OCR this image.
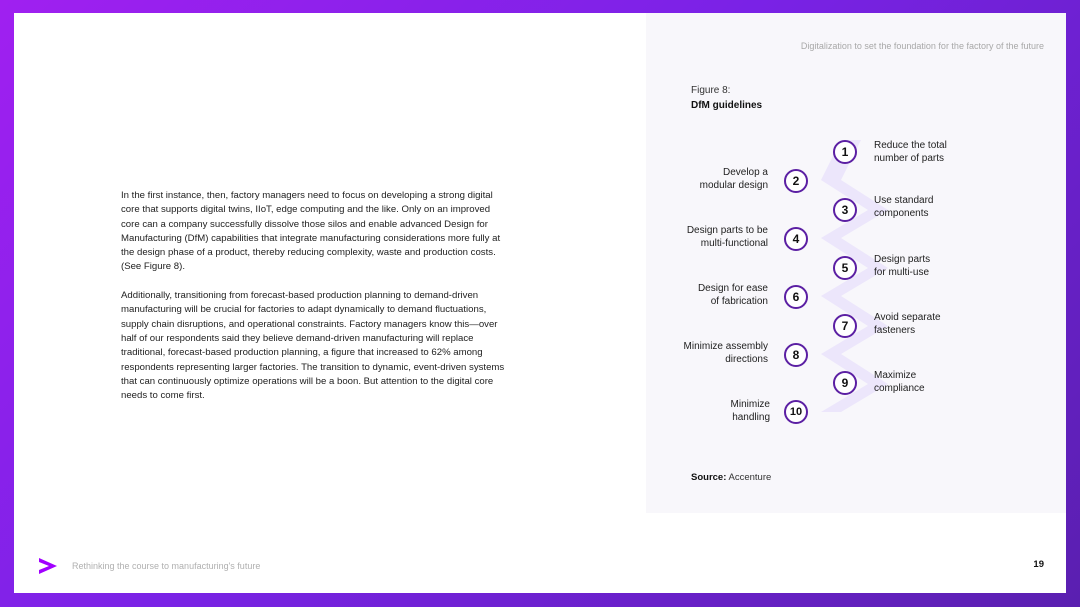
Digitalization to set the foundation for the factory of the future
Figure 8:
DfM guidelines

In the first instance, then, factory managers need to focus on developing a strong digital core that supports digital twins, IIoT, edge computing and the like. Only on an improved core can a company successfully dissolve those silos and enable advanced Design for Manufacturing (DfM) capabilities that integrate manufacturing considerations more fully at the design phase of a product, thereby reducing complexity, waste and production costs. (See Figure 8).

Additionally, transitioning from forecast-based production planning to demand-driven manufacturing will be crucial for factories to adapt dynamically to demand fluctuations, supply chain disruptions, and operational constraints. Factory managers know this—over half of our respondents said they believe demand-driven manufacturing will replace traditional, forecast-based production planning, a figure that increased to 62% among respondents representing larger factories. The transition to dynamic, event-driven systems that can continuously optimize operations will be a boon. But attention to the digital core needs to come first.

1	Reduce the total
number of parts
2
Develop a
modular design
3
Use standard
components
4
Design parts to be
multi-functional
5
Design parts
for multi-use
6
Design for ease
of fabrication
7
Avoid separate
fasteners
8
Minimize assembly
directions
9
Maximize
compliance
10
Minimize
handling
Source: Accenture
Rethinking the course to manufacturing's future	19
